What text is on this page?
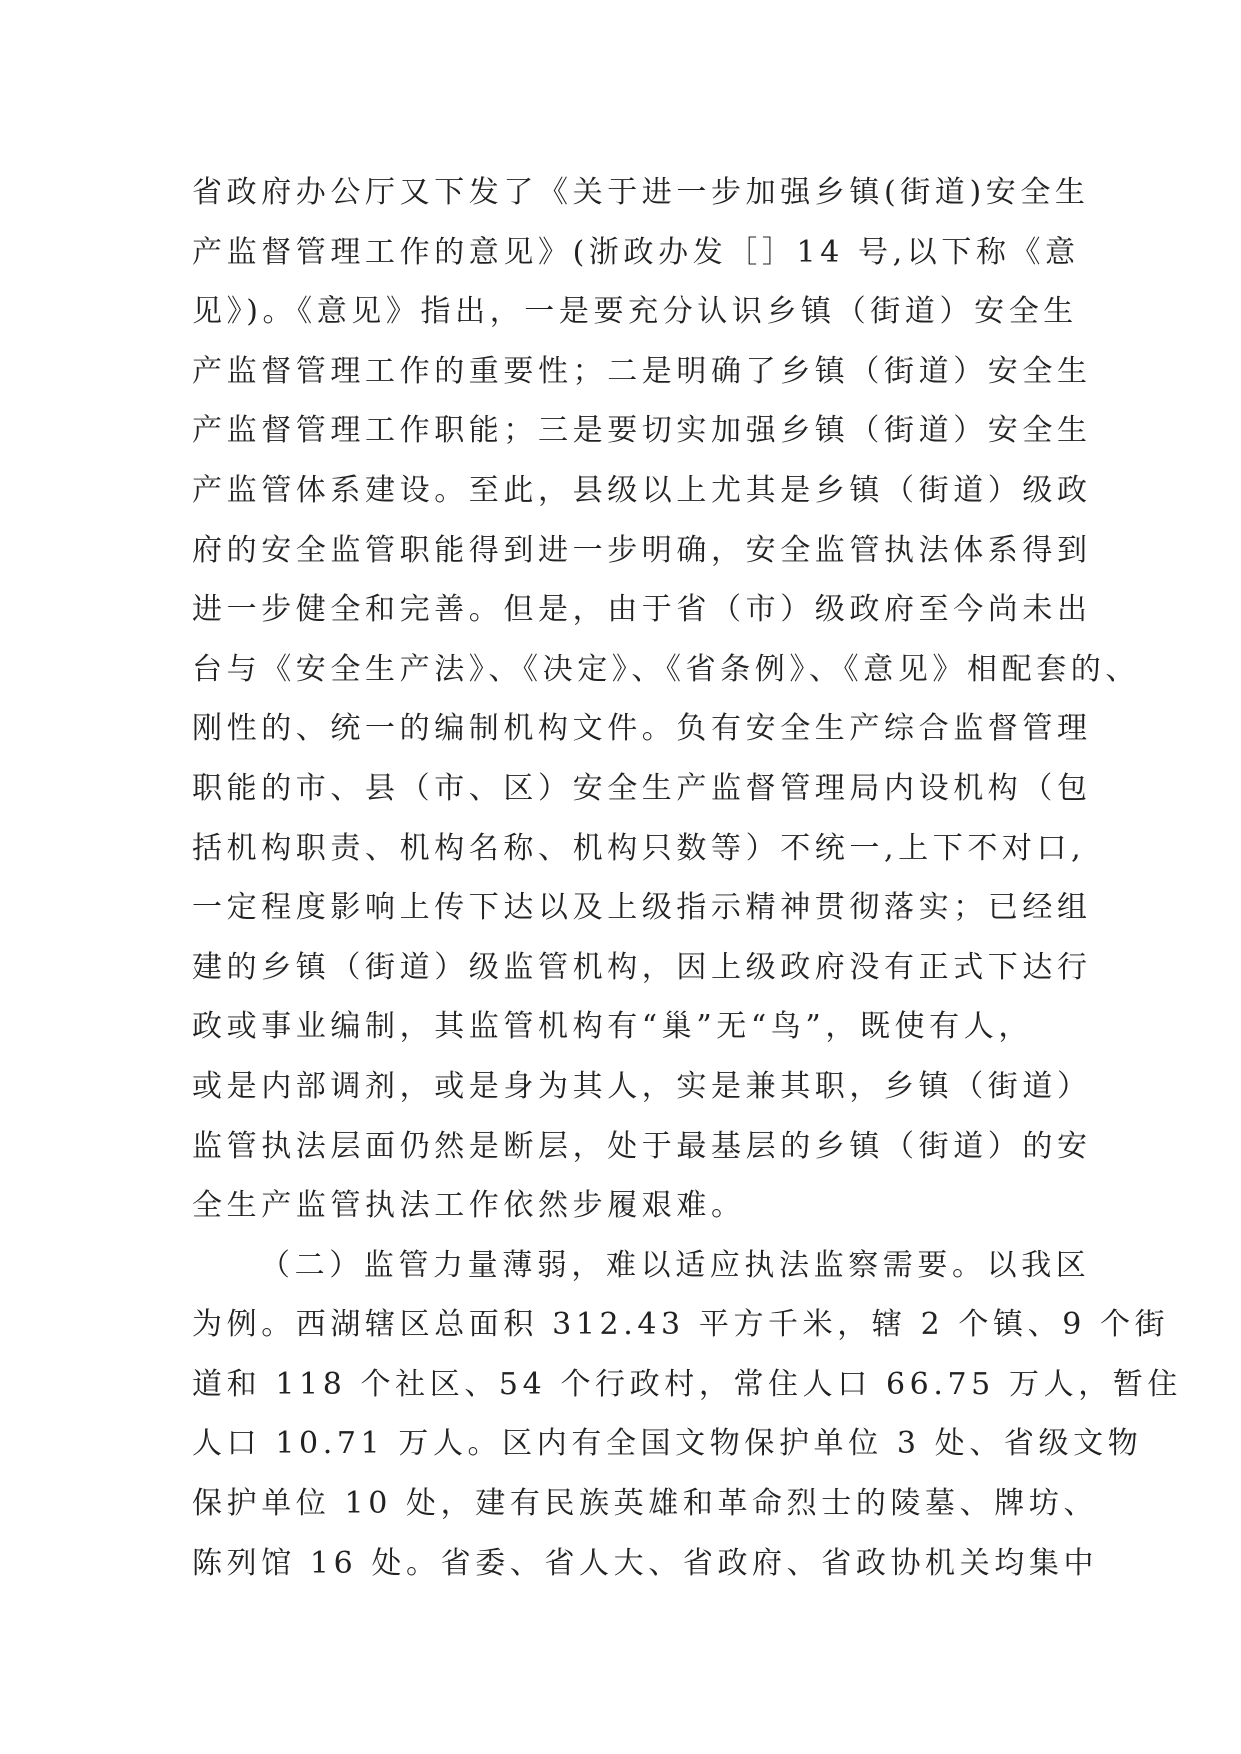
省政府办公厅又下发了《关于进一步加强乡镇(街道)安全生
产监督管理工作的意见》(浙政办发［］14 号,以下称《意
见》)。《意见》指出，一是要充分认识乡镇（街道）安全生
产监督管理工作的重要性；二是明确了乡镇（街道）安全生
产监督管理工作职能；三是要切实加强乡镇（街道）安全生
产监管体系建设。至此，县级以上尤其是乡镇（街道）级政
府的安全监管职能得到进一步明确，安全监管执法体系得到
进一步健全和完善。但是，由于省（市）级政府至今尚未出
台与《安全生产法》、《决定》、《省条例》、《意见》相配套的、
刚性的、统一的编制机构文件。负有安全生产综合监督管理
职能的市、县（市、区）安全生产监督管理局内设机构（包
括机构职责、机构名称、机构只数等）不统一,上下不对口,
一定程度影响上传下达以及上级指示精神贯彻落实；已经组
建的乡镇（街道）级监管机构，因上级政府没有正式下达行
政或事业编制，其监管机构有“巢”无“鸟”，既使有人，
或是内部调剂，或是身为其人，实是兼其职，乡镇（街道）
监管执法层面仍然是断层，处于最基层的乡镇（街道）的安
全生产监管执法工作依然步履艰难。
（二）监管力量薄弱，难以适应执法监察需要。以我区
为例。西湖辖区总面积 312.43 平方千米，辖 2 个镇、9 个街
道和 118 个社区、54 个行政村，常住人口 66.75 万人，暂住
人口 10.71 万人。区内有全国文物保护单位 3 处、省级文物
保护单位 10 处，建有民族英雄和革命烈士的陵墓、牌坊、
陈列馆 16 处。省委、省人大、省政府、省政协机关均集中
